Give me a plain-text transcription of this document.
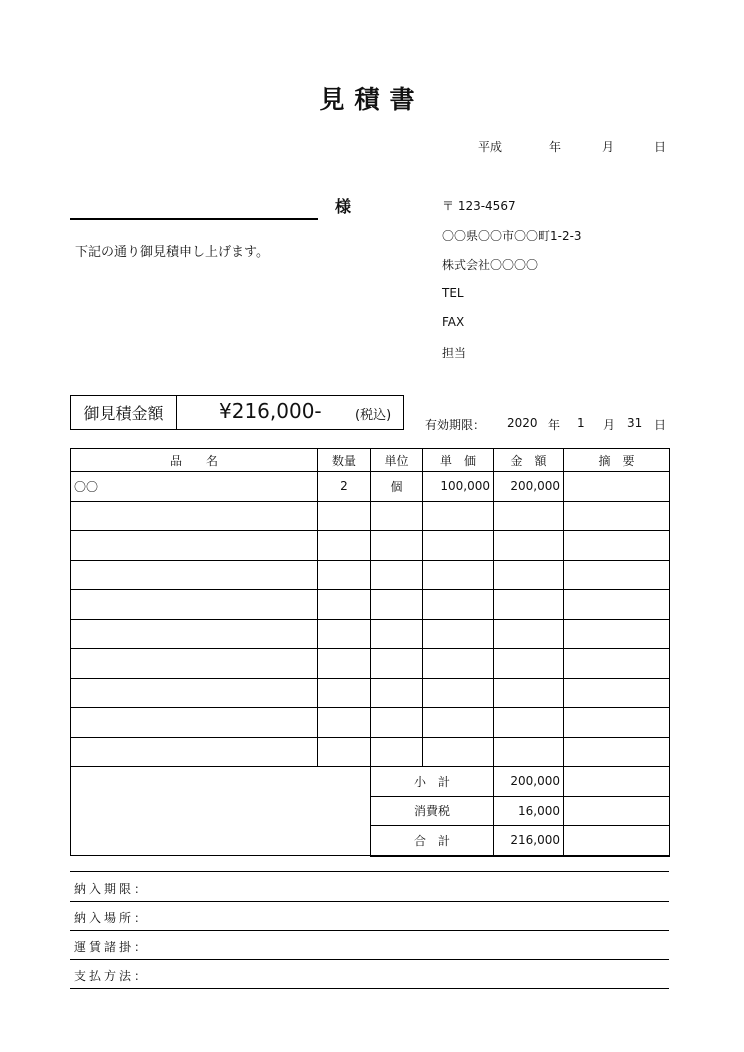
見積書
平成	年	月	日
様
下記の通り御見積申し上げます。
〒 123-4567
〇〇県〇〇市〇〇町1-2-3
株式会社〇〇〇〇
TEL
FAX
担当
御見積金額	¥216,000-	(税込)
有効期限： 2020 年 1 月 31 日
品　　名	数量	単位	単　価	金　額	摘　要
〇〇	2	個	100,000	200,000	

		小　計		200,000	
		消費税		16,000	
		合　計		216,000	
納入期限：
納入場所：
運賃諸掛：
支払方法：
